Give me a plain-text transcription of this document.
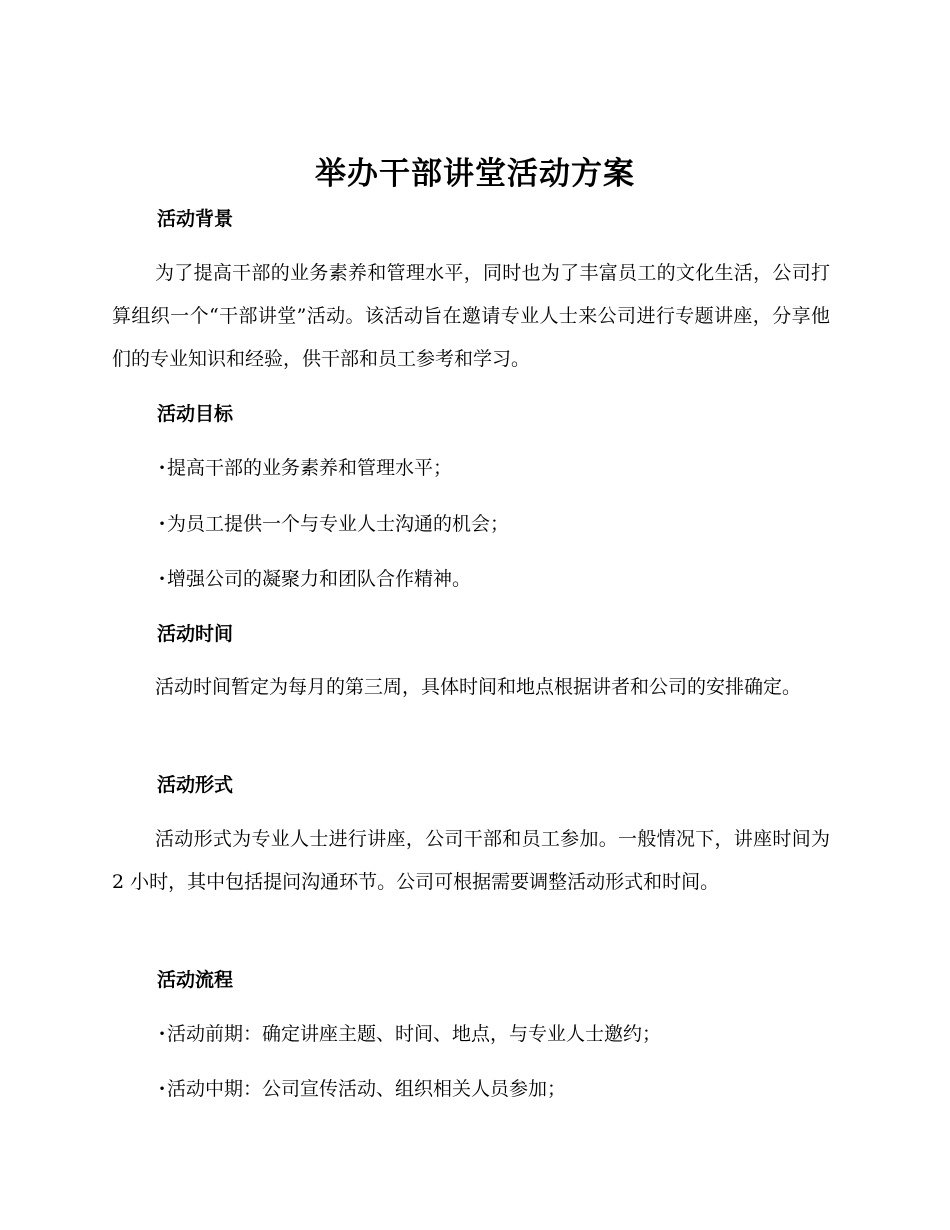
举办干部讲堂活动方案
活动背景

为了提高干部的业务素养和管理水平，同时也为了丰富员工的文化生活，公司打算组织一个“干部讲堂”活动。该活动旨在邀请专业人士来公司进行专题讲座，分享他们的专业知识和经验，供干部和员工参考和学习。

活动目标
·提高干部的业务素养和管理水平；
·为员工提供一个与专业人士沟通的机会；
·增强公司的凝聚力和团队合作精神。
活动时间

活动时间暂定为每月的第三周，具体时间和地点根据讲者和公司的安排确定。

活动形式

活动形式为专业人士进行讲座，公司干部和员工参加。一般情况下，讲座时间为 2 小时，其中包括提问沟通环节。公司可根据需要调整活动形式和时间。

活动流程
·活动前期：确定讲座主题、时间、地点，与专业人士邀约；
·活动中期：公司宣传活动、组织相关人员参加；
